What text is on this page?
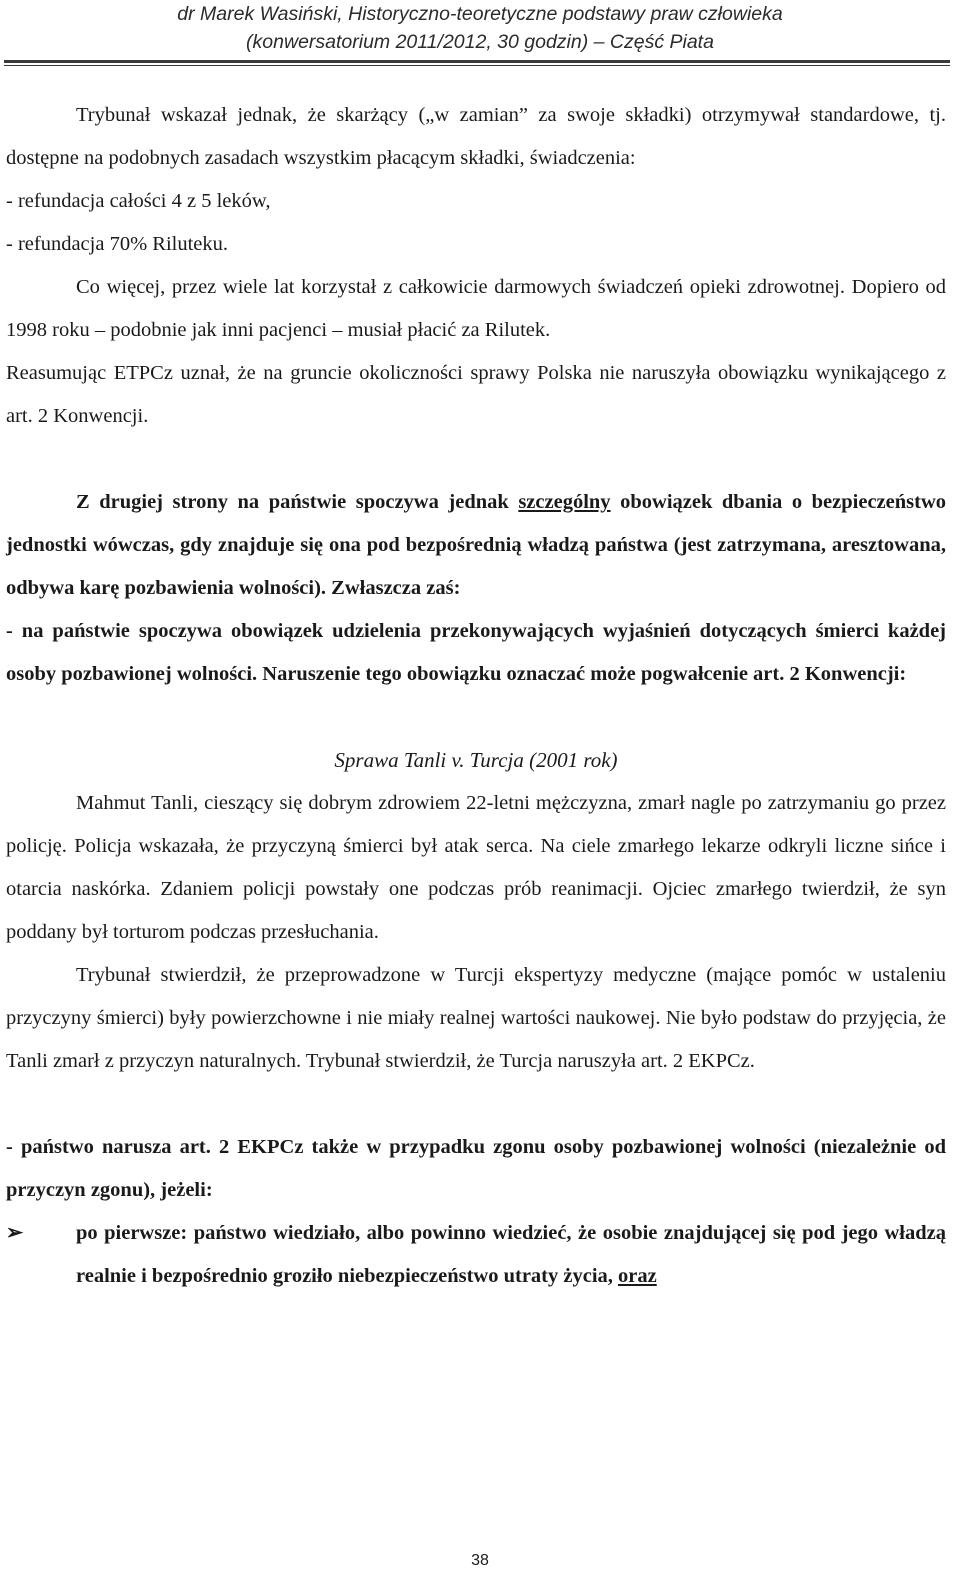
dr Marek Wasiński, Historyczno-teoretyczne podstawy praw człowieka
(konwersatorium 2011/2012, 30 godzin) – Część Piata

Trybunał wskazał jednak, że skarżący („w zamian” za swoje składki) otrzymywał standardowe, tj. dostępne na podobnych zasadach wszystkim płacącym składki, świadczenia:

- refundacja całości 4 z 5 leków,

- refundacja 70% Riluteku.

Co więcej, przez wiele lat korzystał z całkowicie darmowych świadczeń opieki zdrowotnej. Dopiero od 1998 roku – podobnie jak inni pacjenci – musiał płacić za Rilutek.

Reasumując ETPCz uznał, że na gruncie okoliczności sprawy Polska nie naruszyła obowiązku wynikającego z art. 2 Konwencji.

Z drugiej strony na państwie spoczywa jednak szczególny obowiązek dbania o bezpieczeństwo jednostki wówczas, gdy znajduje się ona pod bezpośrednią władzą państwa (jest zatrzymana, aresztowana, odbywa karę pozbawienia wolności). Zwłaszcza zaś:

- na państwie spoczywa obowiązek udzielenia przekonywających wyjaśnień dotyczących śmierci każdej osoby pozbawionej wolności. Naruszenie tego obowiązku oznaczać może pogwałcenie art. 2 Konwencji:

Sprawa Tanli v. Turcja (2001 rok)

Mahmut Tanli, cieszący się dobrym zdrowiem 22-letni mężczyzna, zmarł nagle po zatrzymaniu go przez policję. Policja wskazała, że przyczyną śmierci był atak serca. Na ciele zmarłego lekarze odkryli liczne sińce i otarcia naskórka. Zdaniem policji powstały one podczas prób reanimacji. Ojciec zmarłego twierdził, że syn poddany był torturom podczas przesłuchania.

Trybunał stwierdził, że przeprowadzone w Turcji ekspertyzy medyczne (mające pomóc w ustaleniu przyczyny śmierci) były powierzchowne i nie miały realnej wartości naukowej. Nie było podstaw do przyjęcia, że Tanli zmarł z przyczyn naturalnych. Trybunał stwierdził, że Turcja naruszyła art. 2 EKPCz.

- państwo narusza art. 2 EKPCz także w przypadku zgonu osoby pozbawionej wolności (niezależnie od przyczyn zgonu), jeżeli:

➢	po pierwsze: państwo wiedziało, albo powinno wiedzieć, że osobie znajdującej się pod jego władzą realnie i bezpośrednio groziło niebezpieczeństwo utraty życia, oraz

38
